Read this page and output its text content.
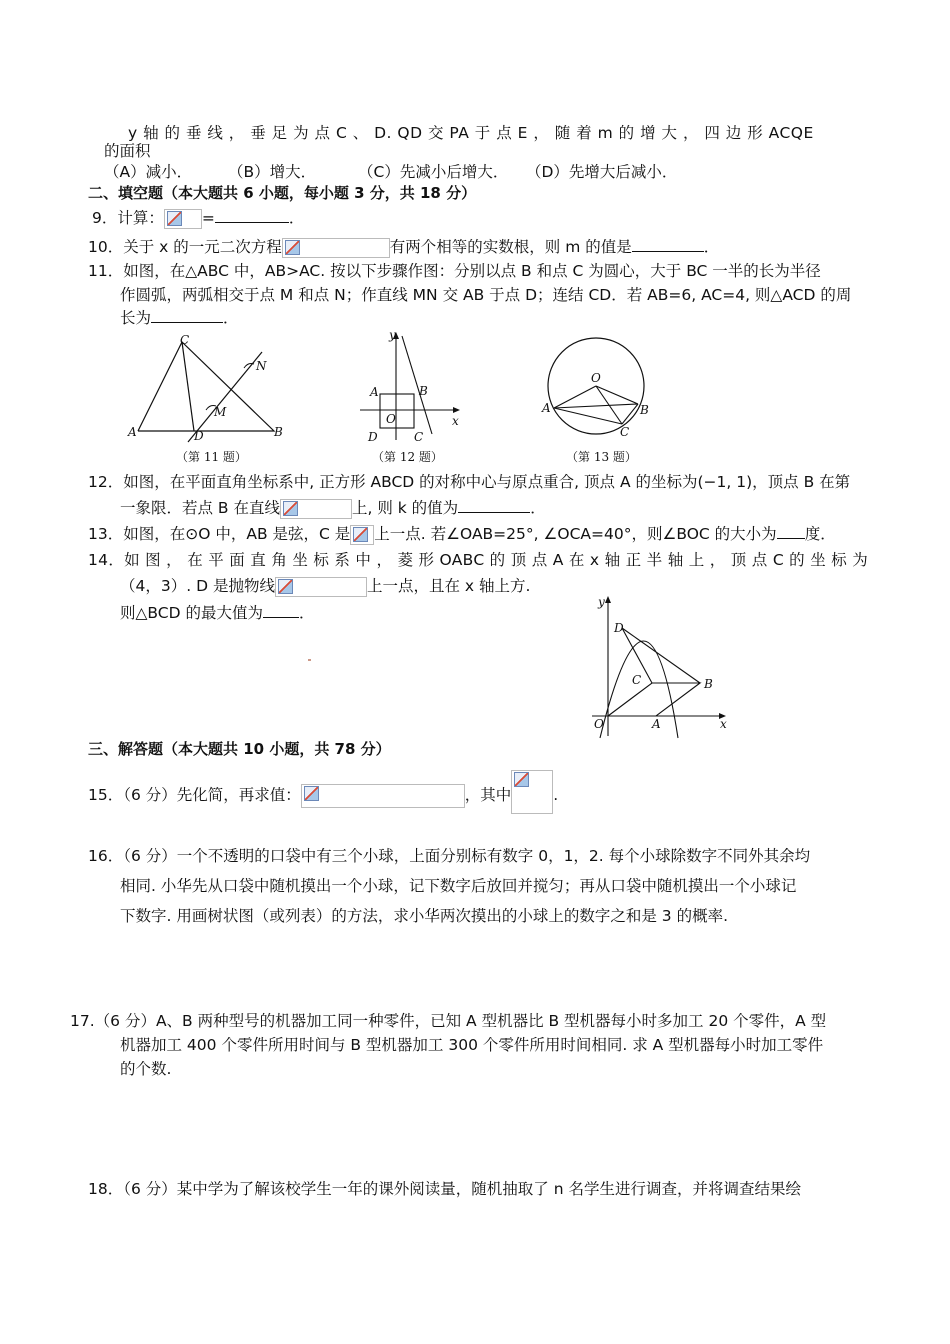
y 轴 的 垂 线 ， 垂 足 为 点 C 、 D. QD 交 PA 于 点 E ， 随 着 m 的 增 大 ， 四 边 形 ACQE
的面积
（A）减小． （B）增大．	（C）先减小后增大． （D）先增大后减小．
二、填空题（本大题共 6 小题，每小题 3 分，共 18 分）
9．计算： =	．
10．关于 x 的一元二次方程	有两个相等的实数根，则 m 的值是	．
11．如图，在△ABC 中，AB>AC. 按以下步骤作图：分别以点 B 和点 C 为圆心，大于 BC 一半的长为半径
作圆弧，两弧相交于点 M 和点 N；作直线 MN 交 AB 于点 D；连结 CD．若 AB=6, AC=4, 则△ACD 的周
长为	．
C
N
M
A	D	B
（第 11 题）
y
A	B
O	x
D	C
（第 12 题）
O
A	B
C
（第 13 题）
12．如图，在平面直角坐标系中, 正方形 ABCD 的对称中心与原点重合, 顶点 A 的坐标为(−1, 1)，顶点 B 在第
一象限．若点 B 在直线	上, 则 k 的值为	．
13．如图，在⊙O 中，AB 是弦，C 是 上一点. 若∠OAB=25°, ∠OCA=40°，则∠BOC 的大小为 度．
14．如 图 ， 在 平 面 直 角 坐 标 系 中 ， 菱 形 OABC 的 顶 点 A 在 x 轴 正 半 轴 上 ， 顶 点 C 的 坐 标 为
（4，3）. D 是抛物线	上一点，且在 x 轴上方.
则△BCD 的最大值为 ．
y
D
C	B
O	A	x
三、解答题（本大题共 10 小题，共 78 分）
15．（6 分）先化简，再求值：	，其中	.
16．（6 分）一个不透明的口袋中有三个小球，上面分别标有数字 0，1，2. 每个小球除数字不同外其余均
相同. 小华先从口袋中随机摸出一个小球，记下数字后放回并搅匀；再从口袋中随机摸出一个小球记
下数字. 用画树状图（或列表）的方法，求小华两次摸出的小球上的数字之和是 3 的概率.
17.（6 分）A、B 两种型号的机器加工同一种零件，已知 A 型机器比 B 型机器每小时多加工 20 个零件，A 型
机器加工 400 个零件所用时间与 B 型机器加工 300 个零件所用时间相同. 求 A 型机器每小时加工零件
的个数.
18．（6 分）某中学为了解该校学生一年的课外阅读量，随机抽取了 n 名学生进行调查，并将调查结果绘
